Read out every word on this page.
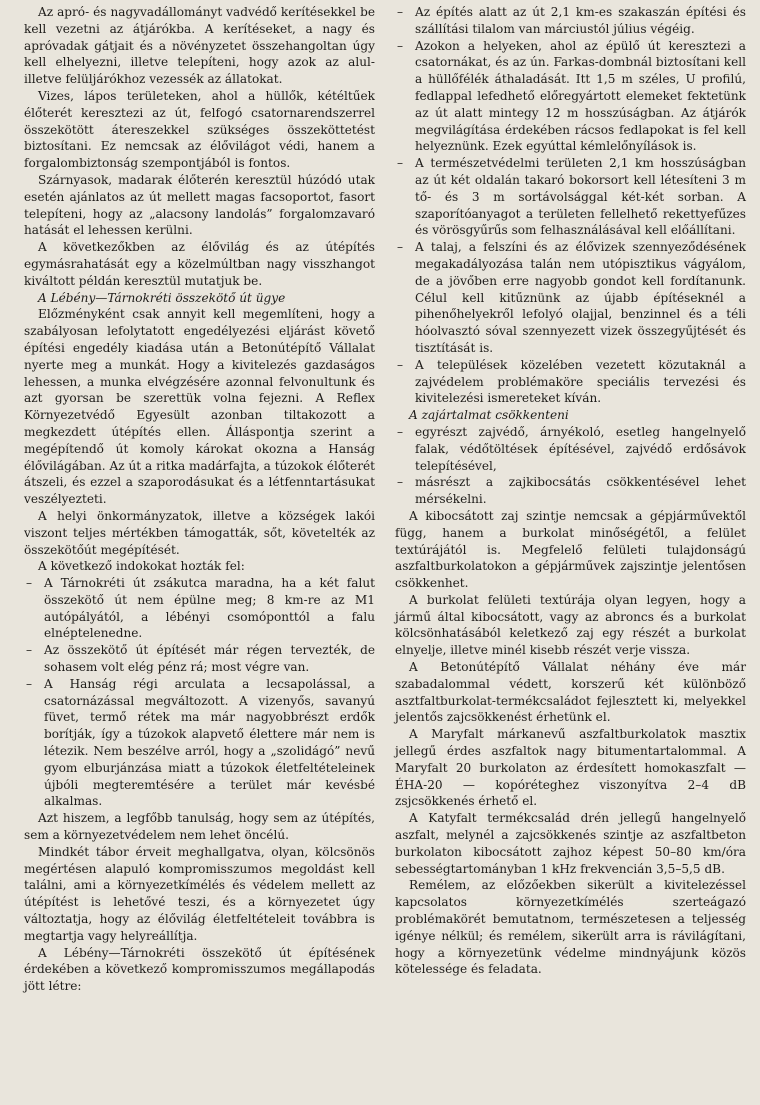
Az apró- és nagyvadállományt vadvédő kerítésekkel be kell vezetni az átjárókba. A kerítéseket, a nagy és apróvadak gátjait és a növényzetet összehangoltan úgy kell elhelyezni, illetve telepíteni, hogy azok az alul- illetve felüljárókhoz vezessék az állatokat.

Vizes, lápos területeken, ahol a hüllők, kétéltűek élőterét keresztezi az út, felfogó csatornarendszerrel összekötött átereszekkel szükséges összeköttetést biztosítani. Ez nemcsak az élővilágot védi, hanem a forgalombiztonság szempontjából is fontos.

Szárnyasok, madarak élőterén keresztül húzódó utak esetén ajánlatos az út mellett magas facsoportot, fasort telepíteni, hogy az „alacsony landolás” forgalomzavaró hatását el lehessen kerülni.

A következőkben az élővilág és az útépítés egymásrahatását egy a közelmúltban nagy visszhangot kiváltott példán keresztül mutatjuk be.

A Lébény—Tárnokréti összekötő út ügye

Előzményként csak annyit kell megemlíteni, hogy a szabályosan lefolytatott engedélyezési eljárást követő építési engedély kiadása után a Betonútépítő Vállalat nyerte meg a munkát. Hogy a kivitelezés gazdaságos lehessen, a munka elvégzésére azonnal felvonultunk és azt gyorsan be szerettük volna fejezni. A Reflex Környezetvédő Egyesült azonban tiltakozott a megkezdett útépítés ellen. Álláspontja szerint a megépítendő út komoly károkat okozna a Hanság élővilágában. Az út a ritka madárfajta, a túzokok élőterét átszeli, és ezzel a szaporodásukat és a létfenntartásukat veszélyezteti.

A helyi önkormányzatok, illetve a községek lakói viszont teljes mértékben támogatták, sőt, követelték az összekötőút megépítését.

A következő indokokat hozták fel:

– A Tárnokréti út zsákutca maradna, ha a két falut összekötő út nem épülne meg; 8 km-re az M1 autópályától, a lébényi csomóponttól a falu elnéptelenedne.

– Az összekötő út építését már régen tervezték, de sohasem volt elég pénz rá; most végre van.

– A Hanság régi arculata a lecsapolással, a csatornázással megváltozott. A vizenyős, savanyú füvet, termő rétek ma már nagyobbrészt erdők borítják, így a túzokok alapvető élettere már nem is létezik. Nem beszélve arról, hogy a „szolidágó” nevű gyom elburjánzása miatt a túzokok életfeltételeinek újbóli megteremtésére a terület már kevésbé alkalmas.

Azt hiszem, a legfőbb tanulság, hogy sem az útépítés, sem a környezetvédelem nem lehet öncélú.

Mindkét tábor érveit meghallgatva, olyan, kölcsönös megértésen alapuló kompromisszumos megoldást kell találni, ami a környezetkímélés és védelem mellett az útépítést is lehetővé teszi, és a környezetet úgy változtatja, hogy az élővilág életfeltételeit továbbra is megtartja vagy helyreállítja.

A Lébény—Tárnokréti összekötő út építésének érdekében a következő kompromisszumos megállapodás jött létre:

– Az építés alatt az út 2,1 km-es szakaszán építési és szállítási tilalom van márciustól július végéig.

– Azokon a helyeken, ahol az épülő út keresztezi a csatornákat, és az ún. Farkas-dombnál biztosítani kell a hüllőfélék áthaladását. Itt 1,5 m széles, U profilú, fedlappal lefedhető előregyártott elemeket fektetünk az út alatt mintegy 12 m hosszúságban. Az átjárók megvilágítása érdekében rácsos fedlapokat is fel kell helyeznünk. Ezek egyúttal kémlelőnyílások is.

– A természetvédelmi területen 2,1 km hosszúságban az út két oldalán takaró bokorsort kell létesíteni 3 m tő- és 3 m sortávolsággal két-két sorban. A szaporítóanyagot a területen fellelhető rekettyefűzes és vörösgyűrűs som felhasználásával kell előállítani.

– A talaj, a felszíni és az élővizek szennyeződésének megakadályozása talán nem utópisztikus vágyálom, de a jövőben erre nagyobb gondot kell fordítanunk. Célul kell kitűznünk az újabb építéseknél a pihenőhelyekről lefolyó olajjal, benzinnel és a téli hóolvasztó sóval szennyezett vizek összegyűjtését és tisztítását is.

– A települések közelében vezetett közutaknál a zajvédelem problémaköre speciális tervezési és kivitelezési ismereteket kíván.

A zajártalmat csökkenteni

– egyrészt zajvédő, árnyékoló, esetleg hangelnyelő falak, védőtöltések építésével, zajvédő erdősávok telepítésével,

– másrészt a zajkibocsátás csökkentésével lehet mérsékelni.

A kibocsátott zaj szintje nemcsak a gépjárművektől függ, hanem a burkolat minőségétől, a felület textúrájától is. Megfelelő felületi tulajdonságú aszfaltburkolatokon a gépjárművek zajszintje jelentősen csökkenhet.

A burkolat felületi textúrája olyan legyen, hogy a jármű által kibocsátott, vagy az abroncs és a burkolat kölcsönhatásából keletkező zaj egy részét a burkolat elnyelje, illetve minél kisebb részét verje vissza.

A Betonútépítő Vállalat néhány éve már szabadalommal védett, korszerű két különböző asztfaltburkolat-termékcsaládot fejlesztett ki, melyekkel jelentős zajcsökkenést érhetünk el.

A Maryfalt márkanevű aszfaltburkolatok masztix jellegű érdes aszfaltok nagy bitumentartalommal. A Maryfalt 20 burkolaton az érdesített homokaszfalt — ÉHA-20 — kopóréteghez viszonyítva 2–4 dB zsjcsökkenés érhető el.

A Katyfalt termékcsalád drén jellegű hangelnyelő aszfalt, melynél a zajcsökkenés szintje az aszfaltbeton burkolaton kibocsátott zajhoz képest 50–80 km/óra sebességtartományban 1 kHz frekvencián 3,5–5,5 dB.

Remélem, az előzőekben sikerült a kivitelezéssel kapcsolatos környezetkímélés szerteágazó problémakörét bemutatnom, természetesen a teljesség igénye nélkül; és remélem, sikerült arra is rávilágítani, hogy a környezetünk védelme mindnyájunk közös kötelessége és feladata.
